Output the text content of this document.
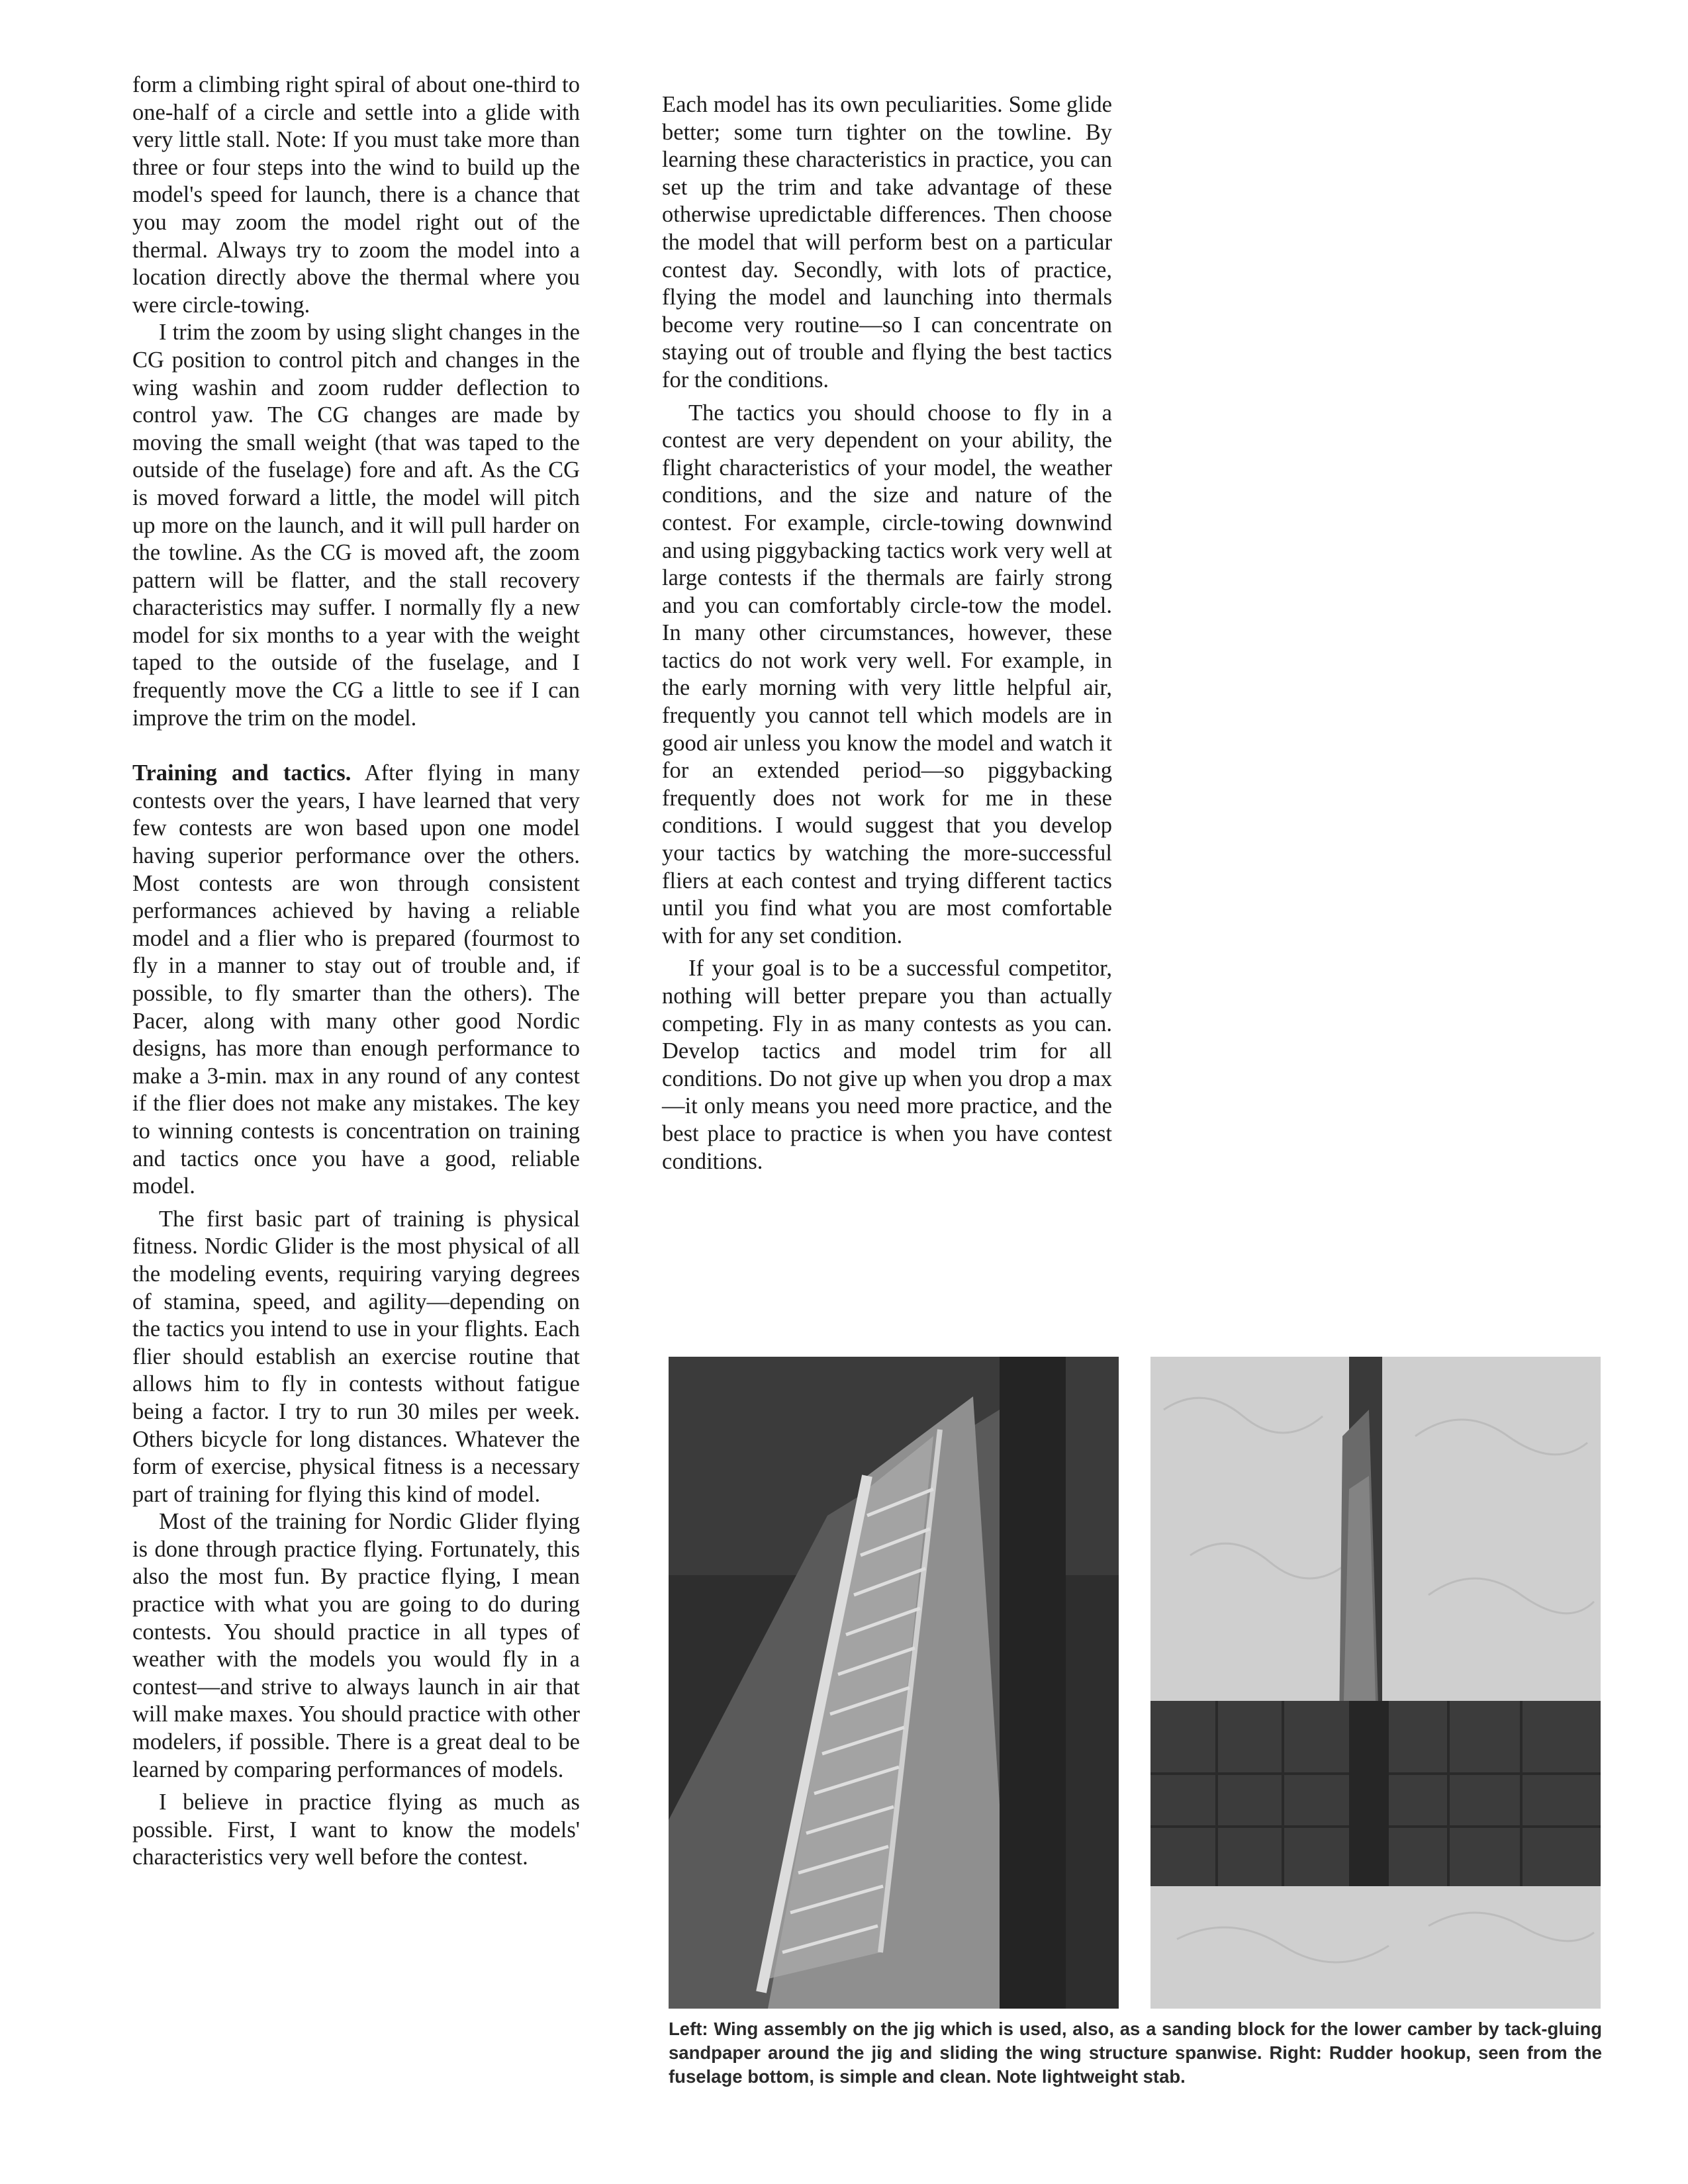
form a climbing right spiral of about one-third to one-half of a circle and settle into a glide with very little stall. Note: If you must take more than three or four steps into the wind to build up the model's speed for launch, there is a chance that you may zoom the model right out of the thermal. Always try to zoom the model into a location directly above the thermal where you were circle-towing.

I trim the zoom by using slight changes in the CG position to control pitch and changes in the wing washin and zoom rudder deflection to control yaw. The CG changes are made by moving the small weight (that was taped to the outside of the fuselage) fore and aft. As the CG is moved forward a little, the model will pitch up more on the launch, and it will pull harder on the towline. As the CG is moved aft, the zoom pattern will be flatter, and the stall recovery characteristics may suffer. I normally fly a new model for six months to a year with the weight taped to the outside of the fuselage, and I frequently move the CG a little to see if I can improve the trim on the model.

Training and tactics. After flying in many contests over the years, I have learned that very few contests are won based upon one model having superior performance over the others. Most contests are won through consistent performances achieved by having a reliable model and a flier who is prepared (fourmost to fly in a manner to stay out of trouble and, if possible, to fly smarter than the others). The Pacer, along with many other good Nordic designs, has more than enough performance to make a 3-min. max in any round of any contest if the flier does not make any mistakes. The key to winning contests is concentration on training and tactics once you have a good, reliable model.

The first basic part of training is physical fitness. Nordic Glider is the most physical of all the modeling events, requiring varying degrees of stamina, speed, and agility—depending on the tactics you intend to use in your flights. Each flier should establish an exercise routine that allows him to fly in contests without fatigue being a factor. I try to run 30 miles per week. Others bicycle for long distances. Whatever the form of exercise, physical fitness is a necessary part of training for flying this kind of model.

Most of the training for Nordic Glider flying is done through practice flying. Fortunately, this also the most fun. By practice flying, I mean practice with what you are going to do during contests. You should practice in all types of weather with the models you would fly in a contest—and strive to always launch in air that will make maxes. You should practice with other modelers, if possible. There is a great deal to be learned by comparing performances of models.

I believe in practice flying as much as possible. First, I want to know the models' characteristics very well before the contest.

Each model has its own peculiarities. Some glide better; some turn tighter on the towline. By learning these characteristics in practice, you can set up the trim and take advantage of these otherwise upredictable differences. Then choose the model that will perform best on a particular contest day. Secondly, with lots of practice, flying the model and launching into thermals become very routine—so I can concentrate on staying out of trouble and flying the best tactics for the conditions.

The tactics you should choose to fly in a contest are very dependent on your ability, the flight characteristics of your model, the weather conditions, and the size and nature of the contest. For example, circle-towing downwind and using piggybacking tactics work very well at large contests if the thermals are fairly strong and you can comfortably circle-tow the model. In many other circumstances, however, these tactics do not work very well. For example, in the early morning with very little helpful air, frequently you cannot tell which models are in good air unless you know the model and watch it for an extended period—so piggybacking frequently does not work for me in these conditions. I would suggest that you develop your tactics by watching the more-successful fliers at each contest and trying different tactics until you find what you are most comfortable with for any set condition.

If your goal is to be a successful competitor, nothing will better prepare you than actually competing. Fly in as many contests as you can. Develop tactics and model trim for all conditions. Do not give up when you drop a max—it only means you need more practice, and the best place to practice is when you have contest conditions.

Left: Wing assembly on the jig which is used, also, as a sanding block for the lower camber by tack-gluing sandpaper around the jig and sliding the wing structure spanwise. Right: Rudder hookup, seen from the fuselage bottom, is simple and clean. Note lightweight stab.
